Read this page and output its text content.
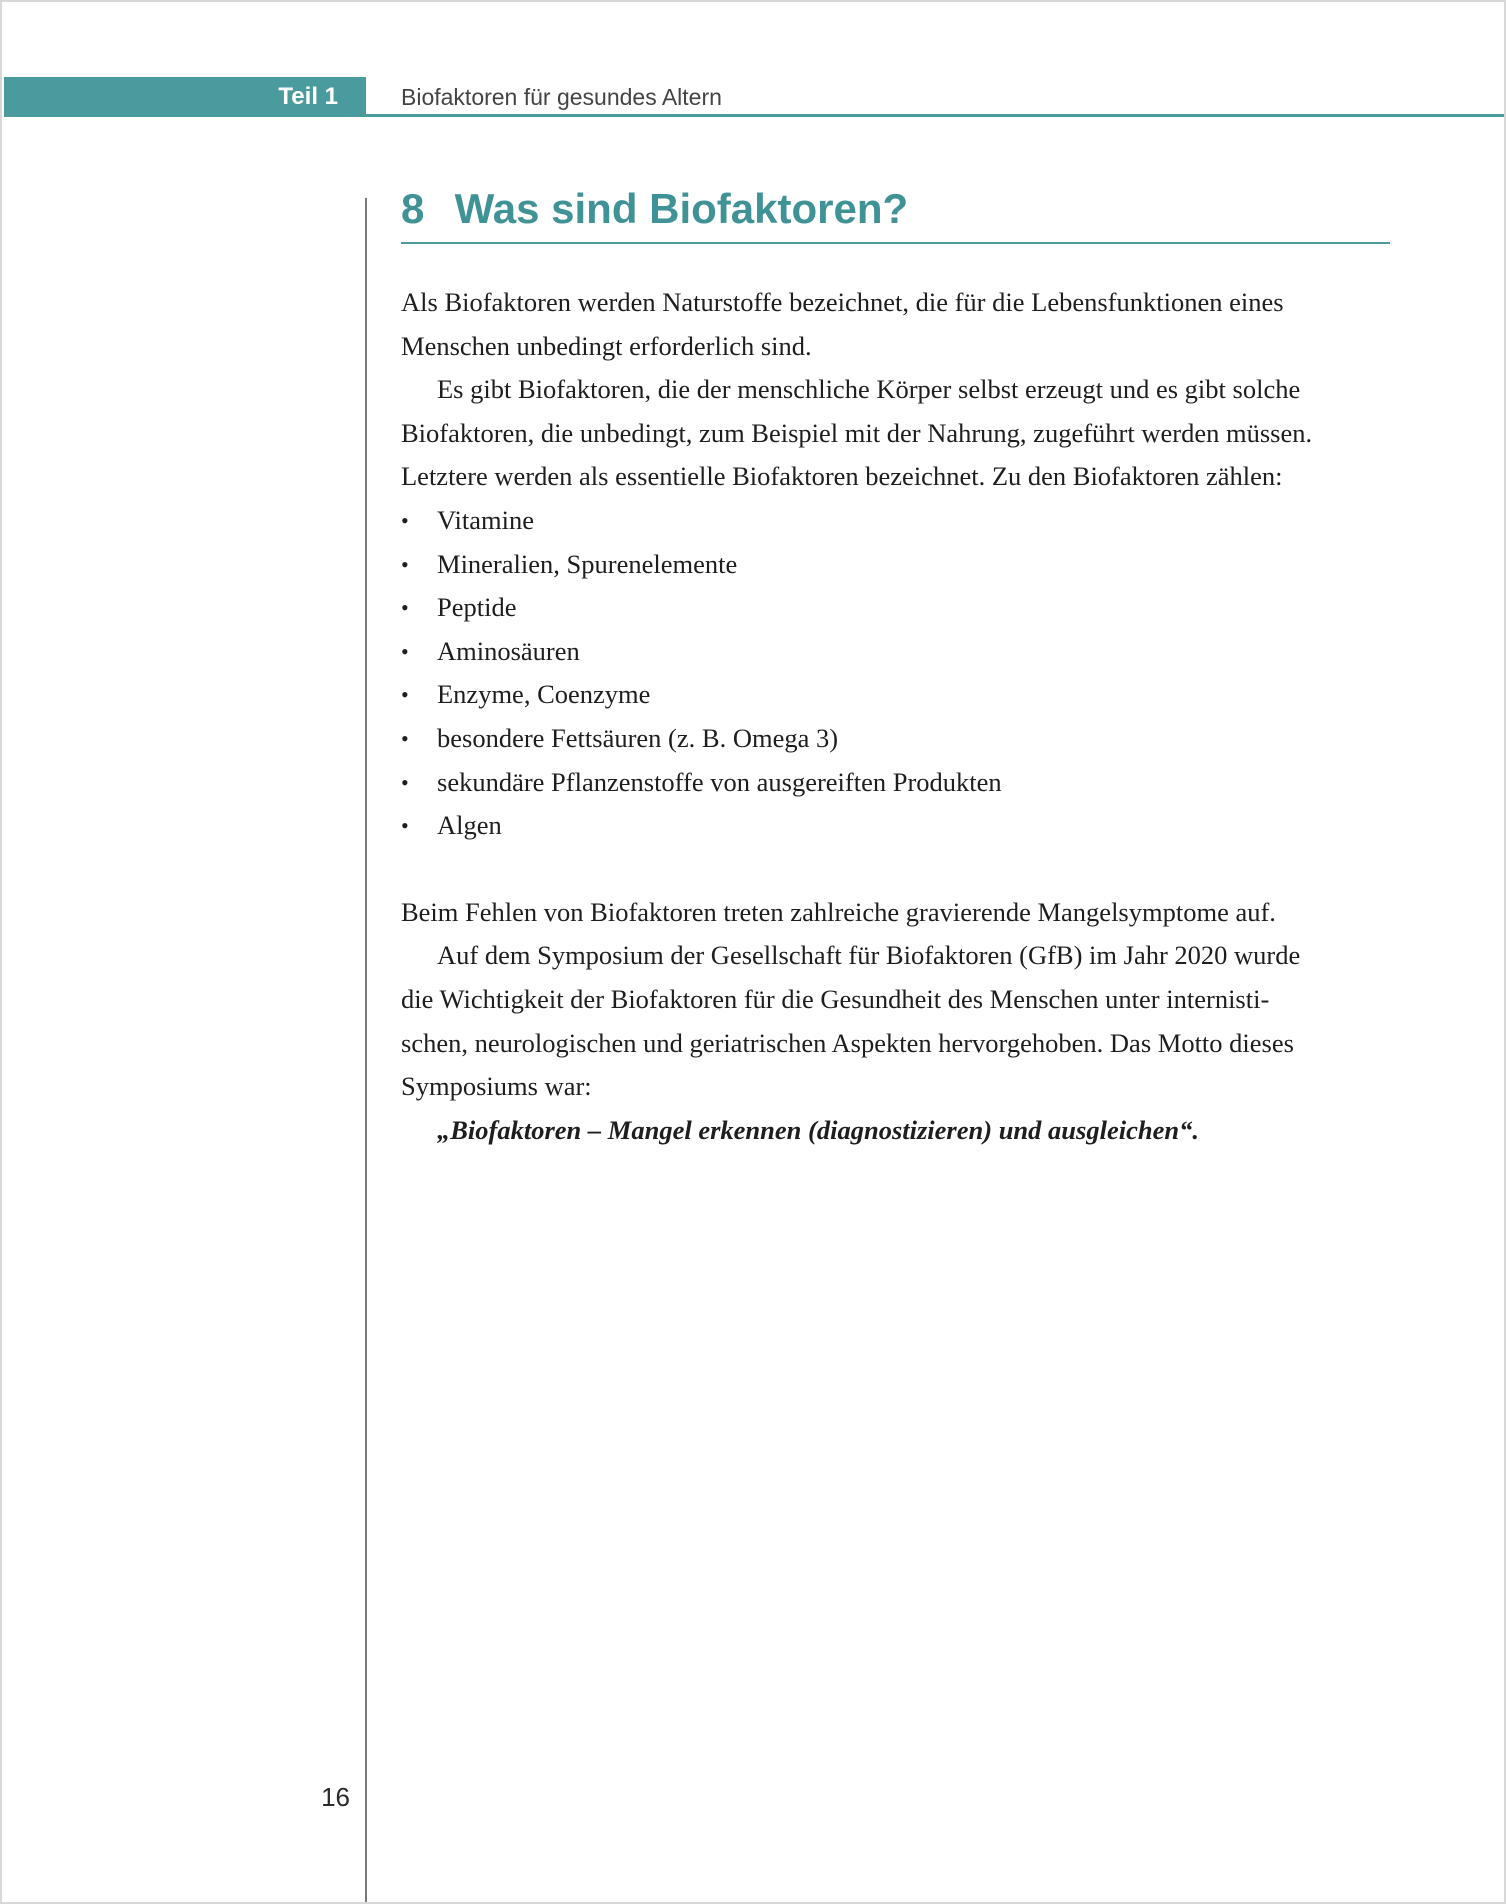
Teil 1	Biofaktoren für gesundes Altern
8 Was sind Biofaktoren?

Als Biofaktoren werden Naturstoffe bezeichnet, die für die Lebensfunktionen eines

Menschen unbedingt erforderlich sind.

Es gibt Biofaktoren, die der menschliche Körper selbst erzeugt und es gibt solche

Biofaktoren, die unbedingt, zum Beispiel mit der Nahrung, zugeführt werden müssen.

Letztere werden als essentielle Biofaktoren bezeichnet. Zu den Biofaktoren zählen:

• Vitamine
• Mineralien, Spurenelemente
• Peptide
• Aminosäuren
• Enzyme, Coenzyme
• besondere Fettsäuren (z. B. Omega 3)
• sekundäre Pflanzenstoffe von ausgereiften Produkten
• Algen

Beim Fehlen von Biofaktoren treten zahlreiche gravierende Mangelsymptome auf.

Auf dem Symposium der Gesellschaft für Biofaktoren (GfB) im Jahr 2020 wurde

die Wichtigkeit der Biofaktoren für die Gesundheit des Menschen unter internisti-

schen, neurologischen und geriatrischen Aspekten hervorgehoben. Das Motto dieses

Symposiums war:

„Biofaktoren – Mangel erkennen (diagnostizieren) und ausgleichen“.

16
